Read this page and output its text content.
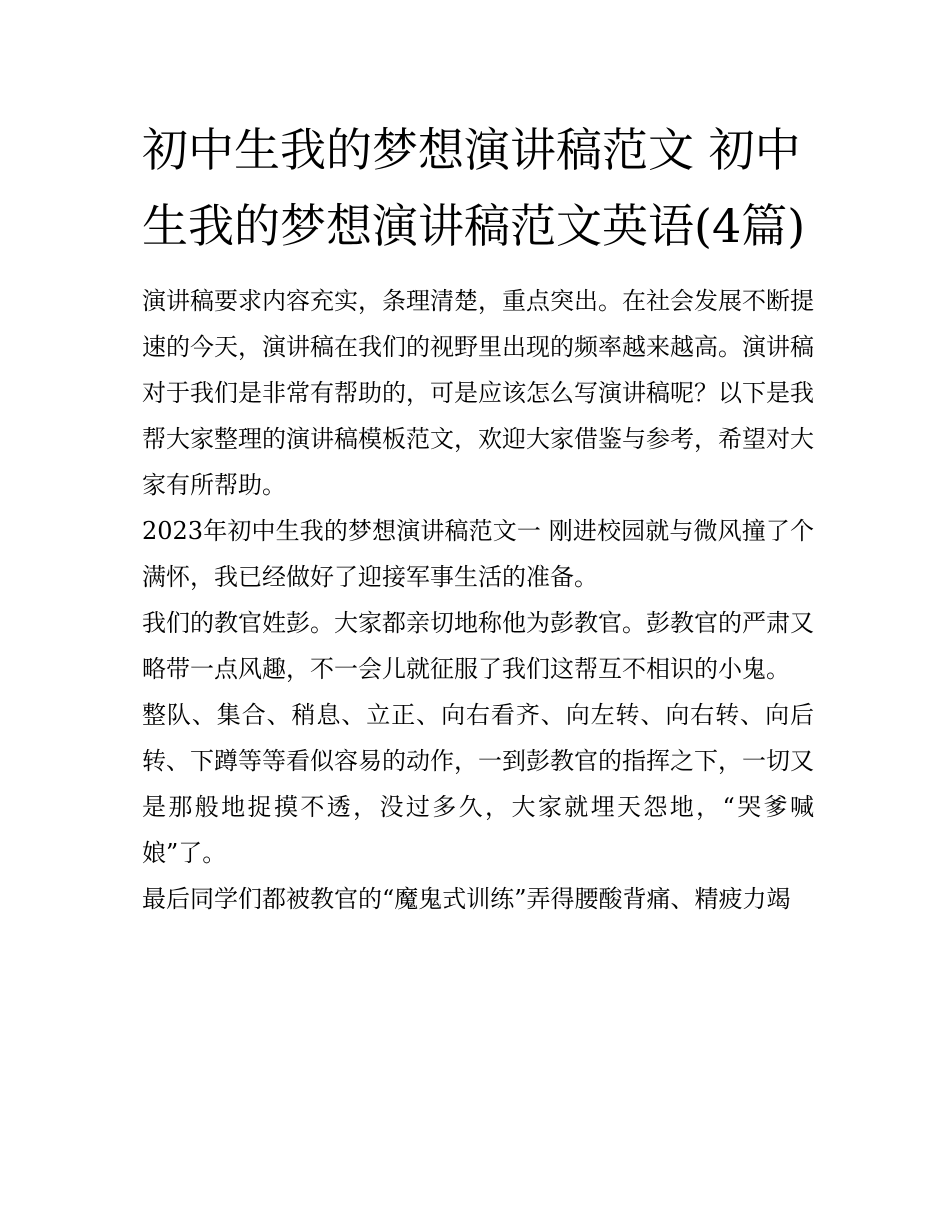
初中生我的梦想演讲稿范文 初中生我的梦想演讲稿范文英语(4篇)

演讲稿要求内容充实，条理清楚，重点突出。在社会发展不断提速的今天，演讲稿在我们的视野里出现的频率越来越高。演讲稿对于我们是非常有帮助的，可是应该怎么写演讲稿呢？以下是我帮大家整理的演讲稿模板范文，欢迎大家借鉴与参考，希望对大家有所帮助。

2023年初中生我的梦想演讲稿范文一 刚进校园就与微风撞了个满怀，我已经做好了迎接军事生活的准备。

我们的教官姓彭。大家都亲切地称他为彭教官。彭教官的严肃又略带一点风趣，不一会儿就征服了我们这帮互不相识的小鬼。

整队、集合、稍息、立正、向右看齐、向左转、向右转、向后转、下蹲等等看似容易的动作，一到彭教官的指挥之下，一切又是那般地捉摸不透，没过多久，大家就埋天怨地，“哭爹喊娘”了。

最后同学们都被教官的“魔鬼式训练”弄得腰酸背痛、精疲力竭
